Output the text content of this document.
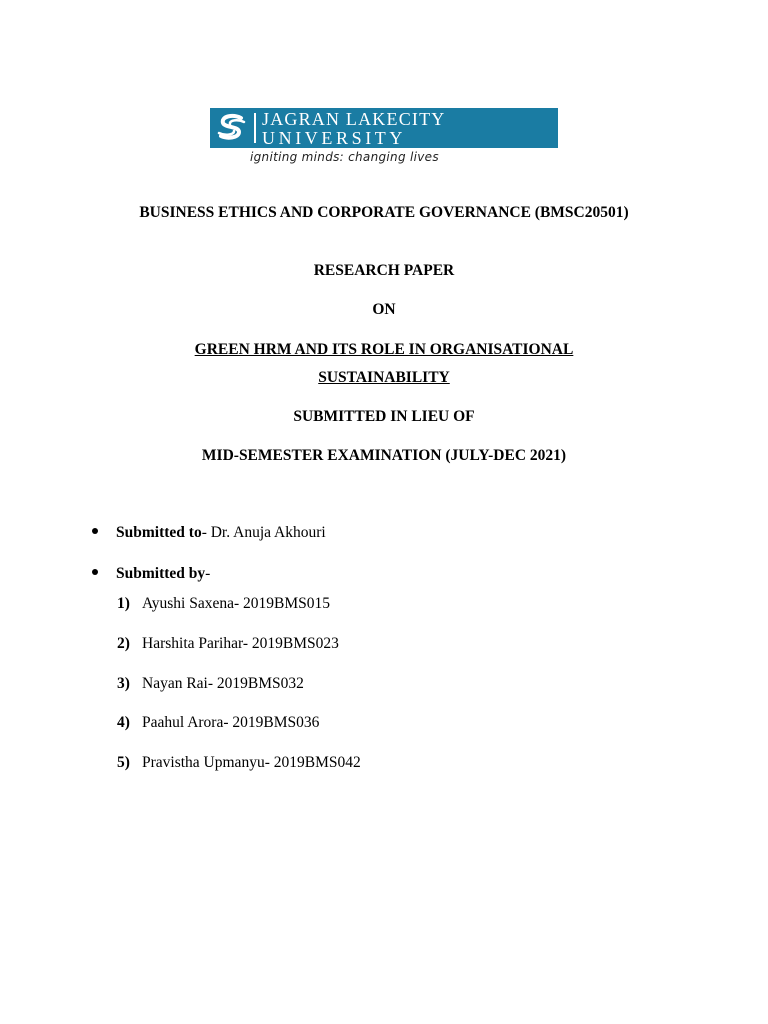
JAGRAN LAKECITY
UNIVERSITY
igniting minds: changing lives
BUSINESS ETHICS AND CORPORATE GOVERNANCE (BMSC20501)
RESEARCH PAPER
ON
GREEN HRM AND ITS ROLE IN ORGANISATIONAL
SUSTAINABILITY
SUBMITTED IN LIEU OF
MID-SEMESTER EXAMINATION (JULY-DEC 2021)
Submitted to - Dr. Anuja Akhouri
Submitted by -
1) Ayushi Saxena- 2019BMS015
2) Harshita Parihar- 2019BMS023
3) Nayan Rai- 2019BMS032
4) Paahul Arora- 2019BMS036
5) Pravistha Upmanyu- 2019BMS042
